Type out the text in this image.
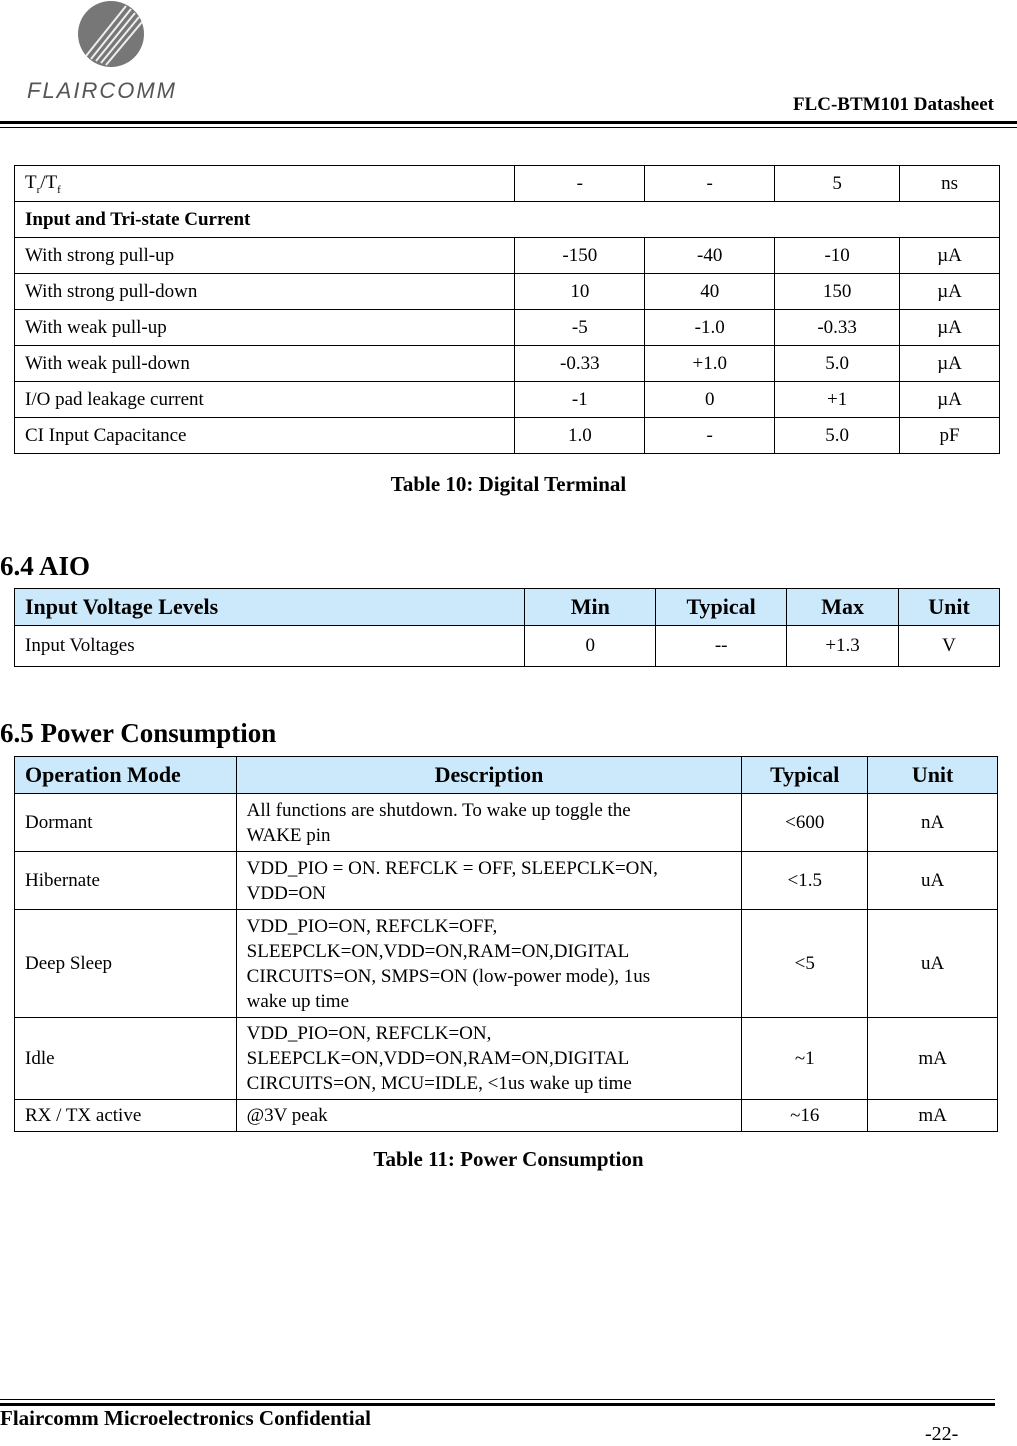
FLAIRCOMM
FLC-BTM101 Datasheet
$T_r/T_f$	-	-	5	ns
Input and Tri-state Current				
With strong pull-up	-150	-40	-10	µA
With strong pull-down	10	40	150	µA
With weak pull-up	-5	-1.0	-0.33	µA
With weak pull-down	-0.33	+1.0	5.0	µA
I/O pad leakage current	-1	0	+1	µA
CI Input Capacitance	1.0	-	5.0	pF
Table 10: Digital Terminal
6.4 AIO
Input Voltage Levels	Min	Typical	Max	Unit
Input Voltages	0	--	+1.3	V
6.5 Power Consumption
Operation Mode	Description	Typical	Unit
Dormant	All functions are shutdown. To wake up toggle the
WAKE pin	<600	nA
Hibernate	VDD_PIO = ON. REFCLK = OFF, SLEEPCLK=ON,
VDD=ON	<1.5	uA
Deep Sleep	VDD_PIO=ON, REFCLK=OFF,
SLEEPCLK=ON,VDD=ON,RAM=ON,DIGITAL
CIRCUITS=ON, SMPS=ON (low-power mode), 1us
wake up time	<5	uA
Idle	VDD_PIO=ON, REFCLK=ON,
SLEEPCLK=ON,VDD=ON,RAM=ON,DIGITAL
CIRCUITS=ON, MCU=IDLE, <1us wake up time	~1	mA
RX / TX active	@3V peak	~16	mA
Table 11: Power Consumption
Flaircomm Microelectronics Confidential
-22-
